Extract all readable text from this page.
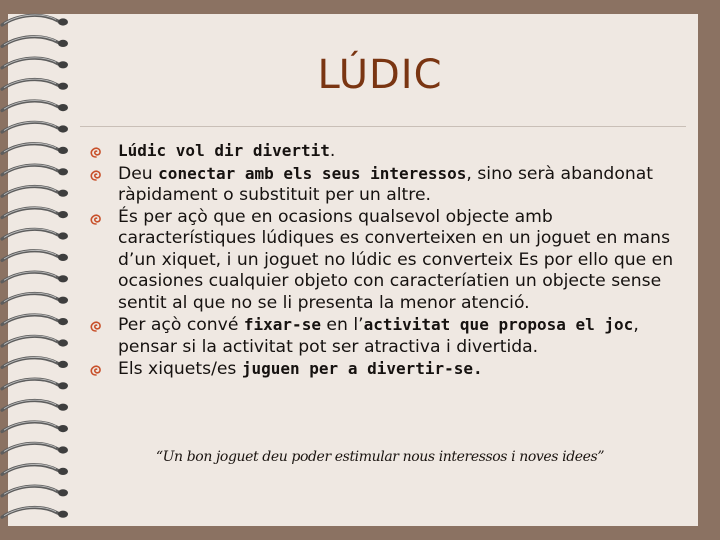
LÚDIC
Lúdic vol dir divertit.
Deu conectar amb els seus interessos, sino serà abandonat ràpidament o substituit per un altre.
És per açò que en ocasions qualsevol objecte amb característiques lúdiques es converteixen en un joguet en mans d’un xiquet, i un joguet no lúdic es converteix Es por ello que en ocasiones cualquier objeto con caracteríatien un objecte sense sentit al que no se li presenta la menor atenció.
Per açò convé fixar-se en l’activitat que proposa el joc, pensar si la activitat pot ser atractiva i divertida.
Els xiquets/es juguen per a divertir-se.
“Un bon joguet deu poder estimular nous interessos i noves idees”
